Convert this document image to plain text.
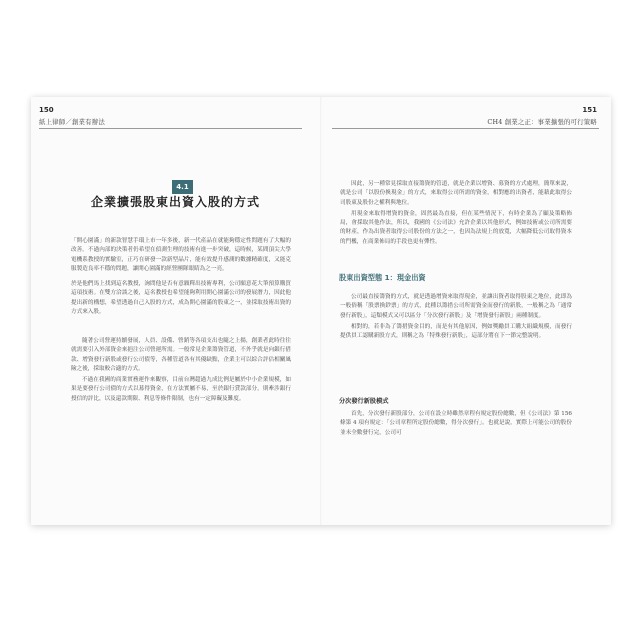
150
紙上律師／創業有辦法
4.1
企業擴張股東出資入股的方式

「開心園滿」的新款智慧手環上市一年多後，新一代產品在就能夠穩定性問題有了大幅的改善。不過內部的決策者仍希望在偵測生理的技術有進一步突破，這時候，某間頂尖大學電機系教授的實驗室，正巧在研發一款新型晶片，能有效提升感測的數據精確度，又能克服製造良率不穩的問題，讓開心園滿的經營團隊眼睛為之一亮。

於是他們馬上找到這名教授，詢問他是否有意願釋出技術專利，公司願意花大筆預算購買這項技術。在雙方洽談之後，這名教授也希望能夠利用開心園滿公司的發展潛力，因此他提出新的構想，希望透過自己入股的方式，成為開心園滿的股東之一，並採取技術出資的方式來入股。

隨著公司營運持續發展，人員、設備、營銷等各項支出也隨之上揚，創業者此時往往就需要引入外部資金來挹注公司營運所需。一般常見企業籌資管道，不外乎就是向銀行借款、增資發行新股或發行公司債等，各種管道各有其優缺點，企業主可以綜合評估相關風險之後，採取較合適的方式。

不過在我國的商業實務運作來觀察，目前台灣超過九成比例是屬於中小企業規模，如果是要發行公司債的方式以募得資金，在方法實屬不易，至於銀行貸款部分，則牽涉銀行授信的評比，以及還款期限、利息等條件限制，也有一定障礙及難度。

151
CH4 創業之正：事業擴張的可行策略

因此，另一種常見採取直接籌資的管道，就是企業以增資、募資的方式處理，簡單來說，就是公司「以股份換現金」的方式，來取得公司所需的資金，相對應的出資者，能藉此取得公司股東及股份之權利與地位。

用現金來取得增資的資金，固然最為直接，但在某些情況下，有時企業為了顧及策略佈局，會採取其他作法，所以，我國的《公司法》允許企業以其他形式，例如技術或公司所需要的財產，作為出資者取得公司股份的方法之一，也因為法規上的放寬，大幅降低公司取得資本的門檻，在商業佈局的手段也更有彈性。

股東出資型態 1：現金出資

公司最直接籌資的方式，就是透過增資來取得現金，並讓出資者取得股東之地位，此即為一般俗稱「股票換鈔票」的方式，此種以籌措公司所需資金而發行的新股，一般稱之為「通常發行新股」，這類模式又可以區分「分次發行新股」及「增資發行新股」兩種制度。

相對的，若非為了籌措資金目的，而是有其他原因，例如獎勵員工購大組織規模，而發行提供員工認購新股方式，則稱之為「特殊發行新股」，這部分將在下一節完整說明。

分次發行新股模式

首先，分次發行新股部分，公司在設立時雖然章程有規定股份總數，但《公司法》第 156 條第 4 項有規定：「公司章程所定股份總數，得分次發行」。也就是說，實際上可能公司的股份並未全數發行完，公司可
